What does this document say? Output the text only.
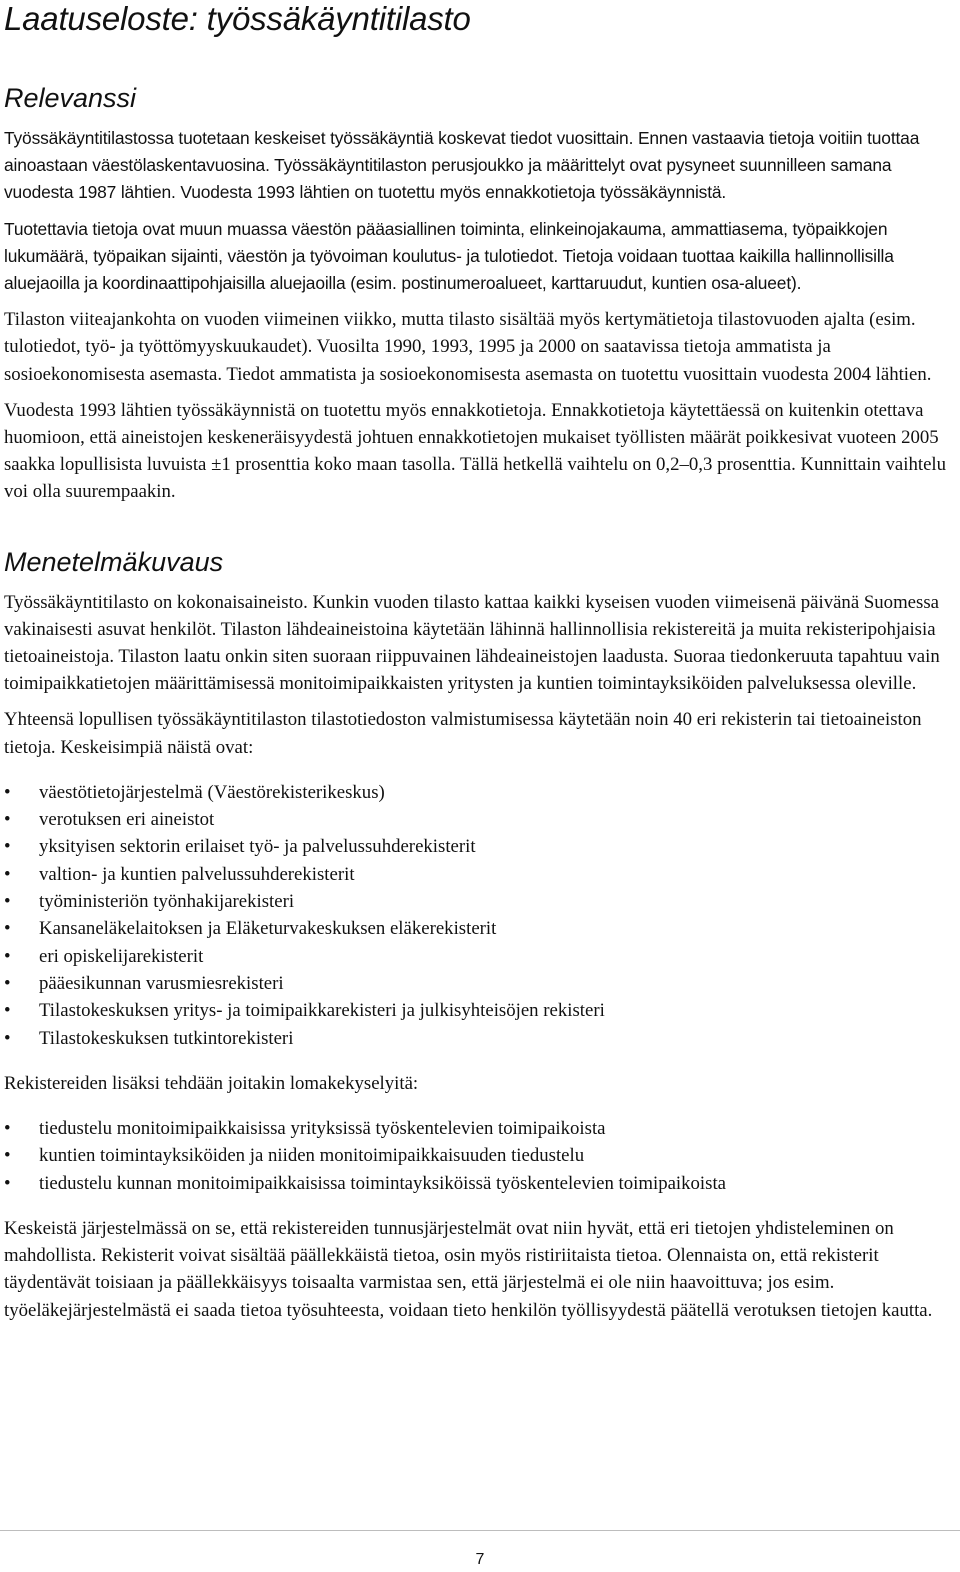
Laatuseloste: työssäkäyntitilasto
Relevanssi

Työssäkäyntitilastossa tuotetaan keskeiset työssäkäyntiä koskevat tiedot vuosittain. Ennen vastaavia tietoja voitiin tuottaa ainoastaan väestölaskentavuosina. Työssäkäyntitilaston perusjoukko ja määrittelyt ovat pysyneet suunnilleen samana vuodesta 1987 lähtien. Vuodesta 1993 lähtien on tuotettu myös ennakkotietoja työssäkäynnistä.

Tuotettavia tietoja ovat muun muassa väestön pääasiallinen toiminta, elinkeinojakauma, ammattiasema, työpaikkojen lukumäärä, työpaikan sijainti, väestön ja työvoiman koulutus- ja tulotiedot. Tietoja voidaan tuottaa kaikilla hallinnollisilla aluejaoilla ja koordinaattipohjaisilla aluejaoilla (esim. postinumeroalueet, karttaruudut, kuntien osa-alueet).

Tilaston viiteajankohta on vuoden viimeinen viikko, mutta tilasto sisältää myös kertymätietoja tilastovuoden ajalta (esim. tulotiedot, työ- ja työttömyyskuukaudet). Vuosilta 1990, 1993, 1995 ja 2000 on saatavissa tietoja ammatista ja sosioekonomisesta asemasta. Tiedot ammatista ja sosioekonomisesta asemasta on tuotettu vuosittain vuodesta 2004 lähtien.

Vuodesta 1993 lähtien työssäkäynnistä on tuotettu myös ennakkotietoja. Ennakkotietoja käytettäessä on kuitenkin otettava huomioon, että aineistojen keskeneräisyydestä johtuen ennakkotietojen mukaiset työllisten määrät poikkesivat vuoteen 2005 saakka lopullisista luvuista ±1 prosenttia koko maan tasolla. Tällä hetkellä vaihtelu on 0,2–0,3 prosenttia. Kunnittain vaihtelu voi olla suurempaakin.

Menetelmäkuvaus

Työssäkäyntitilasto on kokonaisaineisto. Kunkin vuoden tilasto kattaa kaikki kyseisen vuoden viimeisenä päivänä Suomessa vakinaisesti asuvat henkilöt. Tilaston lähdeaineistoina käytetään lähinnä hallinnollisia rekistereitä ja muita rekisteripohjaisia tietoaineistoja. Tilaston laatu onkin siten suoraan riippuvainen lähdeaineistojen laadusta. Suoraa tiedonkeruuta tapahtuu vain toimipaikkatietojen määrittämisessä monitoimipaikkaisten yritysten ja kuntien toimintayksiköiden palveluksessa oleville.

Yhteensä lopullisen työssäkäyntitilaston tilastotiedoston valmistumisessa käytetään noin 40 eri rekisterin tai tietoaineiston tietoja. Keskeisimpiä näistä ovat:

• väestötietojärjestelmä (Väestörekisterikeskus)
• verotuksen eri aineistot
• yksityisen sektorin erilaiset työ- ja palvelussuhderekisterit
• valtion- ja kuntien palvelussuhderekisterit
• työministeriön työnhakijarekisteri
• Kansaneläkelaitoksen ja Eläketurvakeskuksen eläkerekisterit
• eri opiskelijarekisterit
• pääesikunnan varusmiesrekisteri
• Tilastokeskuksen yritys- ja toimipaikkarekisteri ja julkisyhteisöjen rekisteri
• Tilastokeskuksen tutkintorekisteri

Rekistereiden lisäksi tehdään joitakin lomakekyselyitä:

• tiedustelu monitoimipaikkaisissa yrityksissä työskentelevien toimipaikoista
• kuntien toimintayksiköiden ja niiden monitoimipaikkaisuuden tiedustelu
• tiedustelu kunnan monitoimipaikkaisissa toimintayksiköissä työskentelevien toimipaikoista

Keskeistä järjestelmässä on se, että rekistereiden tunnusjärjestelmät ovat niin hyvät, että eri tietojen yhdisteleminen on mahdollista. Rekisterit voivat sisältää päällekkäistä tietoa, osin myös ristiriitaista tietoa. Olennaista on, että rekisterit täydentävät toisiaan ja päällekkäisyys toisaalta varmistaa sen, että järjestelmä ei ole niin haavoittuva; jos esim. työeläkejärjestelmästä ei saada tietoa työsuhteesta, voidaan tieto henkilön työllisyydestä päätellä verotuksen tietojen kautta.

7
